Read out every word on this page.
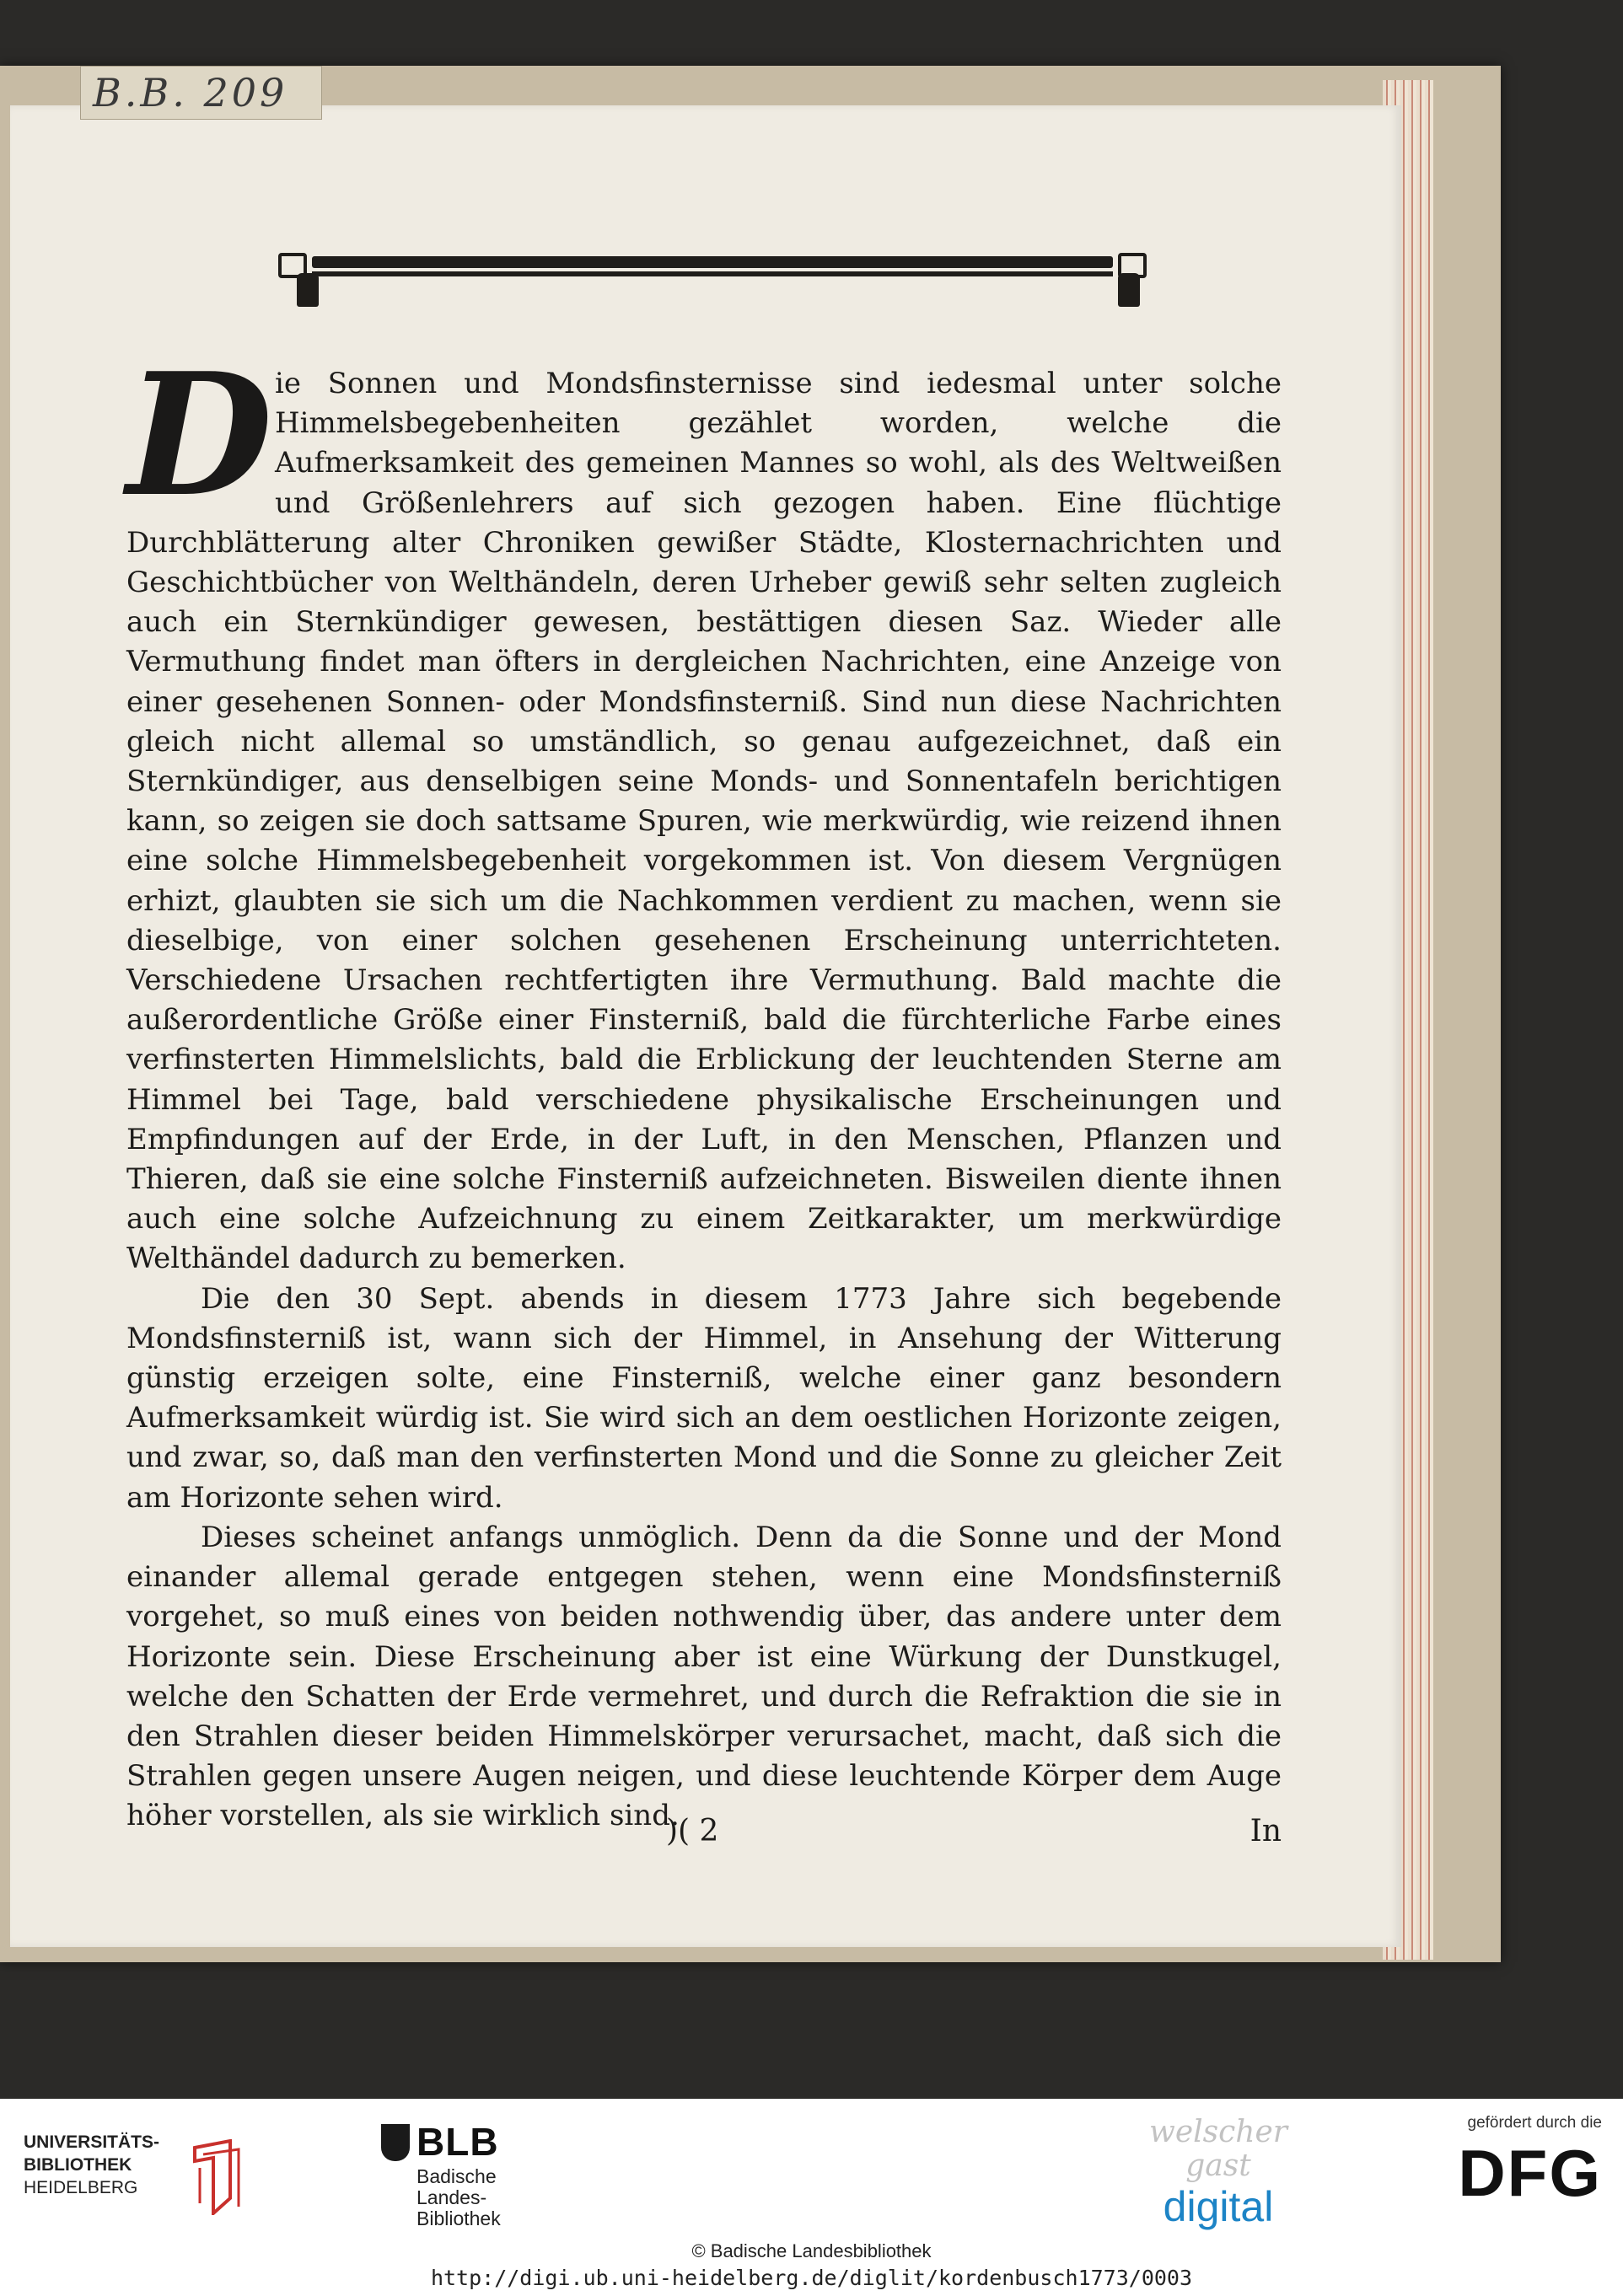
B.B. 209

Die Sonnen und Mondsfinsternisse sind iedesmal unter solche Himmelsbegebenheiten gezählet worden, welche die Aufmerksamkeit des gemeinen Mannes so wohl, als des Weltweißen und Größenlehrers auf sich gezogen haben. Eine flüchtige Durchblätterung alter Chroniken gewißer Städte, Klosternachrichten und Geschichtbücher von Welthändeln, deren Urheber gewiß sehr selten zugleich auch ein Sternkündiger gewesen, bestättigen diesen Saz. Wieder alle Vermuthung findet man öfters in dergleichen Nachrichten, eine Anzeige von einer gesehenen Sonnen- oder Mondsfinsterniß. Sind nun diese Nachrichten gleich nicht allemal so umständlich, so genau aufgezeichnet, daß ein Sternkündiger, aus denselbigen seine Monds- und Sonnentafeln berichtigen kann, so zeigen sie doch sattsame Spuren, wie merkwürdig, wie reizend ihnen eine solche Himmelsbegebenheit vorgekommen ist. Von diesem Vergnügen erhizt, glaubten sie sich um die Nachkommen verdient zu machen, wenn sie dieselbige, von einer solchen gesehenen Erscheinung unterrichteten. Verschiedene Ursachen rechtfertigten ihre Vermuthung. Bald machte die außerordentliche Größe einer Finsterniß, bald die fürchterliche Farbe eines verfinsterten Himmelslichts, bald die Erblickung der leuchtenden Sterne am Himmel bei Tage, bald verschiedene physikalische Erscheinungen und Empfindungen auf der Erde, in der Luft, in den Menschen, Pflanzen und Thieren, daß sie eine solche Finsterniß aufzeichneten. Bisweilen diente ihnen auch eine solche Aufzeichnung zu einem Zeitkarakter, um merkwürdige Welthändel dadurch zu bemerken.

Die den 30 Sept. abends in diesem 1773 Jahre sich begebende Mondsfinsterniß ist, wann sich der Himmel, in Ansehung der Witterung günstig erzeigen solte, eine Finsterniß, welche einer ganz besondern Aufmerksamkeit würdig ist. Sie wird sich an dem oestlichen Horizonte zeigen, und zwar, so, daß man den verfinsterten Mond und die Sonne zu gleicher Zeit am Horizonte sehen wird.

Dieses scheinet anfangs unmöglich. Denn da die Sonne und der Mond einander allemal gerade entgegen stehen, wenn eine Mondsfinsterniß vorgehet, so muß eines von beiden nothwendig über, das andere unter dem Horizonte sein. Diese Erscheinung aber ist eine Würkung der Dunstkugel, welche den Schatten der Erde vermehret, und durch die Refraktion die sie in den Strahlen dieser beiden Himmelskörper verursachet, macht, daß sich die Strahlen gegen unsere Augen neigen, und diese leuchtende Körper dem Auge höher vorstellen, als sie wirklich sind.

)( 2	In
UNIVERSITÄTS-
BIBLIOTHEK
HEIDELBERG
BLB
Badische
Landes-
Bibliothek
welscher
gast
digital
gefördert durch die
DFG
© Badische Landesbibliothek
http://digi.ub.uni-heidelberg.de/diglit/kordenbusch1773/0003
